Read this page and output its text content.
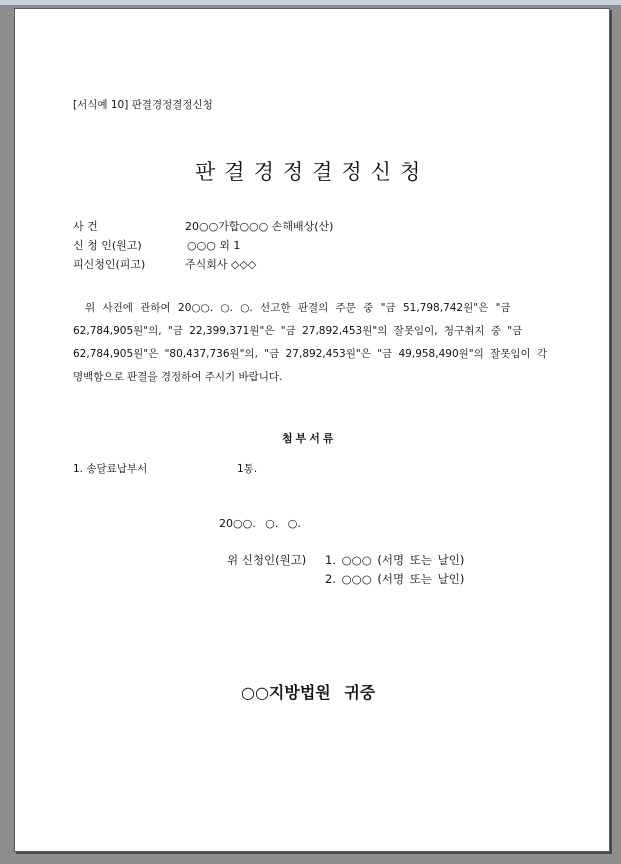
[서식예 10] 판결경정결정신청
판결경정결정신청
사 건	20○○가합○○○ 손해배상(산)
신 청 인(원고)	○○○ 외 1
피신청인(피고)	주식회사 ◇◇◇
위 사건에 관하여 20○○. ○. ○. 선고한 판결의 주문 중 "금 51,798,742원"은 "금
62,784,905원"의, "금 22,399,371원"은 "금 27,892,453원"의 잘못임이, 청구취지 중 "금
62,784,905원"은 "80,437,736원"의, "금 27,892,453원"은 "금 49,958,490원"의 잘못임이 각
명백함으로 판결을 경정하여 주시기 바랍니다.
첨부서류
1. 송달료납부서	1통.
20○○. ○. ○.
위 신청인(원고) 1. ○○○ (서명 또는 날인)
2. ○○○ (서명 또는 날인)
○○지방법원 귀중
